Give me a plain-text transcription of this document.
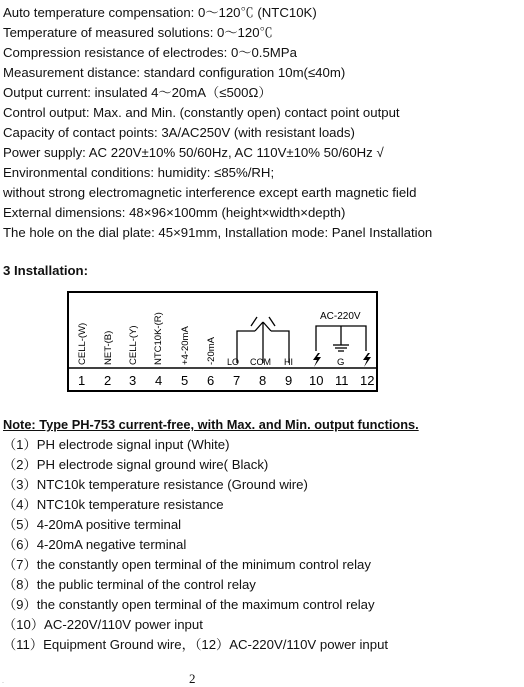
Auto temperature compensation: 0～120℃ (NTC10K)
Temperature of measured solutions: 0～120℃
Compression resistance of electrodes: 0～0.5MPa
Measurement distance: standard configuration 10m(≤40m)
Output current: insulated 4～20mA（≤500Ω）
Control output: Max. and Min. (constantly open) contact point output
Capacity of contact points: 3A/AC250V (with resistant loads)
Power supply: AC 220V±10% 50/60Hz, AC 110V±10% 50/60Hz √
Environmental conditions: humidity: ≤85%/RH;
without strong electromagnetic interference except earth magnetic field
External dimensions: 48×96×100mm (height×width×depth)
The hole on the dial plate: 45×91mm, Installation mode: Panel Installation
3 Installation:
CELL-(W) NET-(B) CELL-(Y) NTC10K-(R) +4-20mA -20mA LO COM HI
AC-220V
G
1 2 3 4 5 6 7 8 9 10 11 12
Note: Type PH-753 current-free, with Max. and Min. output functions.
（1）PH electrode signal input (White)
（2）PH electrode signal ground wire( Black)
（3）NTC10k temperature resistance (Ground wire)
（4）NTC10k temperature resistance
（5）4-20mA positive terminal
（6）4-20mA negative terminal
（7）the constantly open terminal of the minimum control relay
（8）the public terminal of the control relay
（9）the constantly open terminal of the maximum control relay
（10）AC-220V/110V power input
（11）Equipment Ground wire，（12）AC-220V/110V power input
2
·
